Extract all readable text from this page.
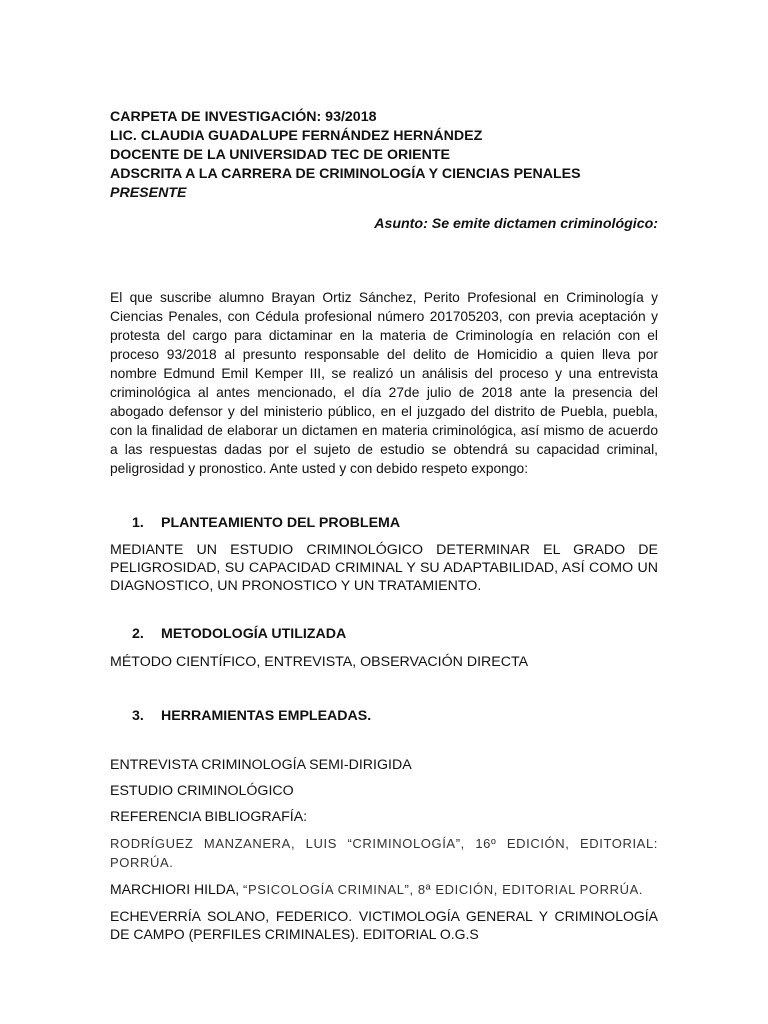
CARPETA DE INVESTIGACIÓN: 93/2018

LIC. CLAUDIA GUADALUPE FERNÁNDEZ HERNÁNDEZ

DOCENTE DE LA UNIVERSIDAD TEC DE ORIENTE

ADSCRITA A LA CARRERA DE CRIMINOLOGÍA Y CIENCIAS PENALES

PRESENTE

Asunto: Se emite dictamen criminológico:
El que suscribe alumno Brayan Ortiz Sánchez, Perito Profesional en Criminología y Ciencias Penales, con Cédula profesional número 201705203, con previa aceptación y protesta del cargo para dictaminar en la materia de Criminología en relación con el proceso 93/2018 al presunto responsable del delito de Homicidio a quien lleva por nombre Edmund Emil Kemper III, se realizó un análisis del proceso y una entrevista criminológica al antes mencionado, el día 27de julio de 2018 ante la presencia del abogado defensor y del ministerio público, en el juzgado del distrito de Puebla, puebla, con la finalidad de elaborar un dictamen en materia criminológica, así mismo de acuerdo a las respuestas dadas por el sujeto de estudio se obtendrá su capacidad criminal, peligrosidad y pronostico. Ante usted y con debido respeto expongo:
1.	PLANTEAMIENTO DEL PROBLEMA
MEDIANTE UN ESTUDIO CRIMINOLÓGICO DETERMINAR EL GRADO DE PELIGROSIDAD, SU CAPACIDAD CRIMINAL Y SU ADAPTABILIDAD, ASÍ COMO UN DIAGNOSTICO, UN PRONOSTICO Y UN TRATAMIENTO.
2.	METODOLOGÍA UTILIZADA
MÉTODO CIENTÍFICO, ENTREVISTA, OBSERVACIÓN DIRECTA
3.	HERRAMIENTAS EMPLEADAS.
ENTREVISTA CRIMINOLOGÍA SEMI-DIRIGIDA
ESTUDIO CRIMINOLÓGICO
REFERENCIA BIBLIOGRAFÍA:
RODRÍGUEZ MANZANERA, LUIS “CRIMINOLOGÍA”, 16º EDICIÓN, EDITORIAL: PORRÚA.
MARCHIORI HILDA, “PSICOLOGÍA CRIMINAL”, 8ª EDICIÓN, EDITORIAL PORRÚA.
ECHEVERRÍA SOLANO, FEDERICO. VICTIMOLOGÍA GENERAL Y CRIMINOLOGÍA DE CAMPO (PERFILES CRIMINALES). EDITORIAL O.G.S
